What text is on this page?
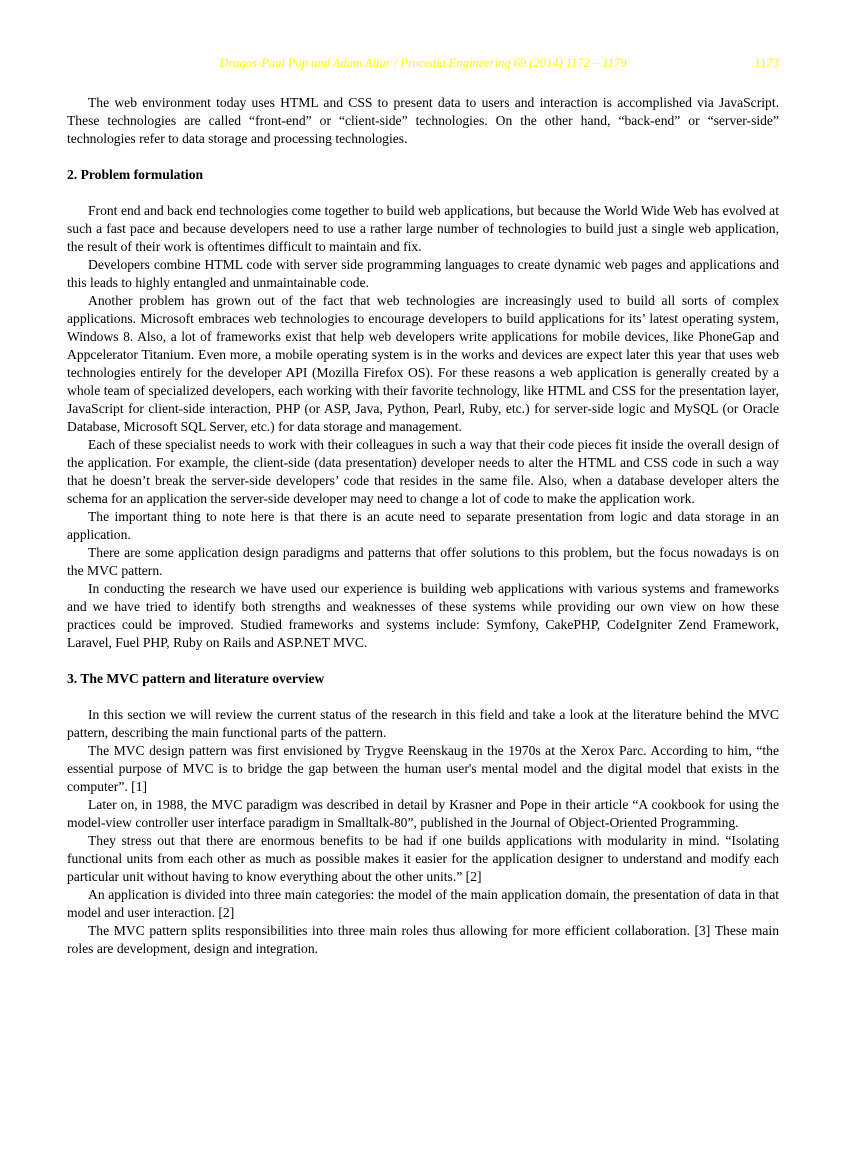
Dragos-Paul Pop and Adam Altar / Procedia Engineering 69 (2014) 1172 – 1179	1173

The web environment today uses HTML and CSS to present data to users and interaction is accomplished via JavaScript. These technologies are called “front-end” or “client-side” technologies. On the other hand, “back-end” or “server-side” technologies refer to data storage and processing technologies.

2. Problem formulation

Front end and back end technologies come together to build web applications, but because the World Wide Web has evolved at such a fast pace and because developers need to use a rather large number of technologies to build just a single web application, the result of their work is oftentimes difficult to maintain and fix.

Developers combine HTML code with server side programming languages to create dynamic web pages and applications and this leads to highly entangled and unmaintainable code.

Another problem has grown out of the fact that web technologies are increasingly used to build all sorts of complex applications. Microsoft embraces web technologies to encourage developers to build applications for its’ latest operating system, Windows 8. Also, a lot of frameworks exist that help web developers write applications for mobile devices, like PhoneGap and Appcelerator Titanium. Even more, a mobile operating system is in the works and devices are expect later this year that uses web technologies entirely for the developer API (Mozilla Firefox OS). For these reasons a web application is generally created by a whole team of specialized developers, each working with their favorite technology, like HTML and CSS for the presentation layer, JavaScript for client-side interaction, PHP (or ASP, Java, Python, Pearl, Ruby, etc.) for server-side logic and MySQL (or Oracle Database, Microsoft SQL Server, etc.) for data storage and management.

Each of these specialist needs to work with their colleagues in such a way that their code pieces fit inside the overall design of the application. For example, the client-side (data presentation) developer needs to alter the HTML and CSS code in such a way that he doesn’t break the server-side developers’ code that resides in the same file. Also, when a database developer alters the schema for an application the server-side developer may need to change a lot of code to make the application work.

The important thing to note here is that there is an acute need to separate presentation from logic and data storage in an application.

There are some application design paradigms and patterns that offer solutions to this problem, but the focus nowadays is on the MVC pattern.

In conducting the research we have used our experience is building web applications with various systems and frameworks and we have tried to identify both strengths and weaknesses of these systems while providing our own view on how these practices could be improved. Studied frameworks and systems include: Symfony, CakePHP, CodeIgniter Zend Framework, Laravel, Fuel PHP, Ruby on Rails and ASP.NET MVC.

3. The MVC pattern and literature overview

In this section we will review the current status of the research in this field and take a look at the literature behind the MVC pattern, describing the main functional parts of the pattern.

The MVC design pattern was first envisioned by Trygve Reenskaug in the 1970s at the Xerox Parc. According to him, “the essential purpose of MVC is to bridge the gap between the human user's mental model and the digital model that exists in the computer”. [1]

Later on, in 1988, the MVC paradigm was described in detail by Krasner and Pope in their article “A cookbook for using the model-view controller user interface paradigm in Smalltalk-80”, published in the Journal of Object-Oriented Programming.

They stress out that there are enormous benefits to be had if one builds applications with modularity in mind. “Isolating functional units from each other as much as possible makes it easier for the application designer to understand and modify each particular unit without having to know everything about the other units.” [2]

An application is divided into three main categories: the model of the main application domain, the presentation of data in that model and user interaction. [2]

The MVC pattern splits responsibilities into three main roles thus allowing for more efficient collaboration. [3] These main roles are development, design and integration.
